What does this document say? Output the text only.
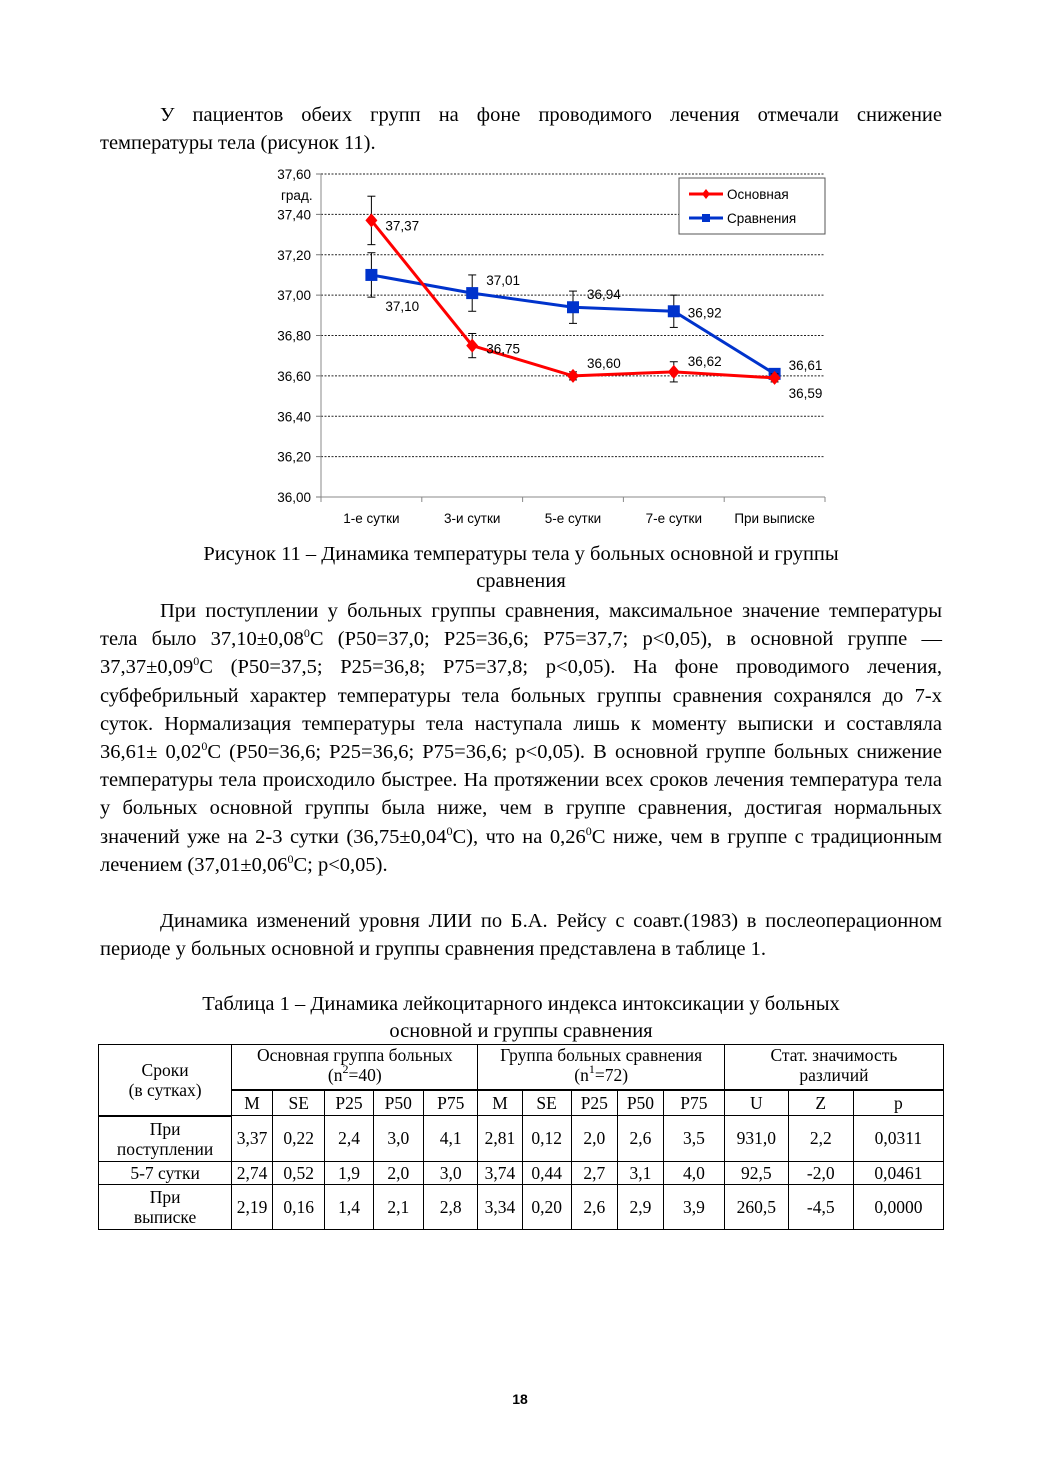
У пациентов обеих групп на фоне проводимого лечения отмечали снижение температуры тела (рисунок 11).

36,00
36,20
36,40
36,60
36,80
37,00
37,20
37,40
37,60
1-е сутки	3-и сутки	5-е сутки	7-е сутки При выписке
град.
37,10
37,01
36,94
36,92
36,61
37,37
36,75
36,60	36,62
36,59
Основная
Сравнения

Рисунок 11 – Динамика температуры тела у больных основной и группы
сравнения

При поступлении у больных группы сравнения, максимальное значение температуры тела было $37,10\pm 0,08^0С$ (Р50=37,0; Р25=36,6; Р75=37,7; р<0,05), в основной группе — $37,37\pm 0,09^0С$ (Р50=37,5; Р25=36,8; Р75=37,8; р<0,05). На фоне проводимого лечения, субфебрильный характер температуры тела больных группы сравнения сохранялся до 7-х суток. Нормализация температуры тела наступала лишь к моменту выписки и составляла $36,61\pm 0,02^0С$ (Р50=36,6; Р25=36,6; Р75=36,6; р<0,05). В основной группе больных снижение температуры тела происходило быстрее. На протяжении всех сроков лечения температура тела у больных основной группы была ниже, чем в группе сравнения, достигая нормальных значений уже на 2-3 сутки $(36,75\pm 0,04^0С)$, что на 0,26$^0$С ниже, чем в группе с традиционным лечением ($37,01\pm 0,06^0С$; р<0,05).

Динамика изменений уровня ЛИИ по Б.А. Рейсу с соавт.(1983) в послеоперационном периоде у больных основной и группы сравнения представлена в таблице 1.

Таблица 1 – Динамика лейкоцитарного индекса интоксикации у больных
основной и группы сравнения

Сроки
(в сутках)	Основная группа больных
$(n^2=40)$					Группа больных сравнения
$(n^1=72)$					Стат. значимость
различий		
	М	SE	Р25	Р50	Р75	М	SE	Р25	Р50	Р75	U	Z	p
При
поступлении	3,37	0,22	2,4	3,0	4,1	2,81	0,12	2,0	2,6	3,5	931,0	2,2	0,0311
5-7 сутки	2,74	0,52	1,9	2,0	3,0	3,74	0,44	2,7	3,1	4,0	92,5	-2,0	0,0461
При
выписке	2,19	0,16	1,4	2,1	2,8	3,34	0,20	2,6	2,9	3,9	260,5	-4,5	0,0000
18
